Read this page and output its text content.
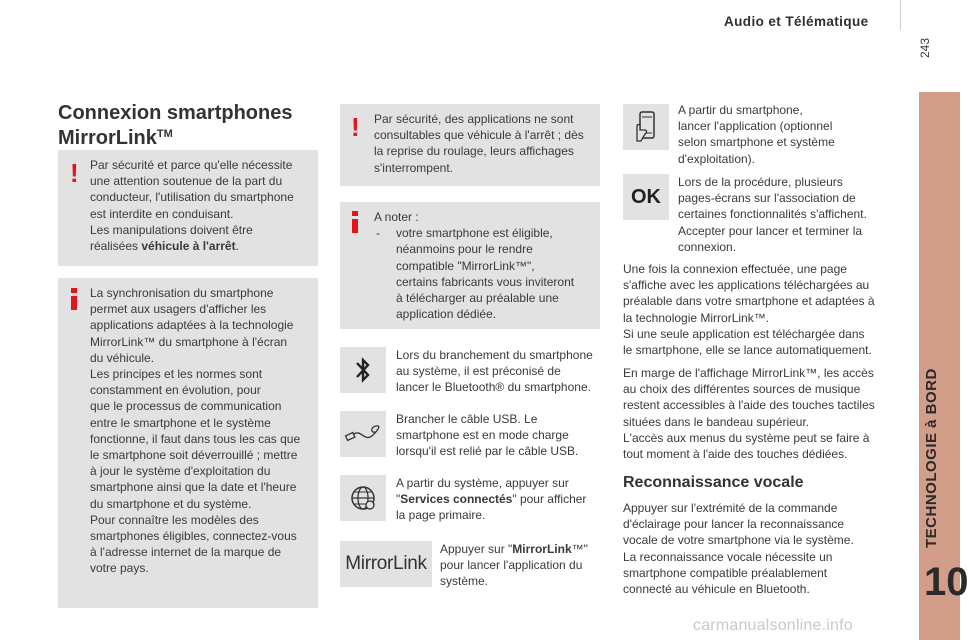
Audio et Télématique
243
TECHNOLOGIE à BORD
10
Connexion smartphones
MirrorLink™
! Par sécurité et parce qu'elle nécessite
une attention soutenue de la part du
conducteur, l'utilisation du smartphone
est interdite en conduisant.
Les manipulations doivent être
réalisées véhicule à l'arrêt.
La synchronisation du smartphone
permet aux usagers d'afficher les
applications adaptées à la technologie
MirrorLink™ du smartphone à l'écran
du véhicule.
Les principes et les normes sont
constamment en évolution, pour
que le processus de communication
entre le smartphone et le système
fonctionne, il faut dans tous les cas que
le smartphone soit déverrouillé ; mettre
à jour le système d'exploitation du
smartphone ainsi que la date et l'heure
du smartphone et du système.
Pour connaître les modèles des
smartphones éligibles, connectez-vous
à l'adresse internet de la marque de
votre pays.
! Par sécurité, des applications ne sont
consultables que véhicule à l'arrêt ; dès
la reprise du roulage, leurs affichages
s'interrompent.
A noter :
- votre smartphone est éligible,
néanmoins pour le rendre
compatible "MirrorLink™",
certains fabricants vous inviteront
à télécharger au préalable une
application dédiée.
Lors du branchement du smartphone
au système, il est préconisé de
lancer le Bluetooth® du smartphone.
Brancher le câble USB. Le
smartphone est en mode charge
lorsqu'il est relié par le câble USB.
A partir du système, appuyer sur
"Services connectés" pour afficher
la page primaire.
MirrorLink
Appuyer sur "MirrorLink™"
pour lancer l'application du
système.
A partir du smartphone,
lancer l'application (optionnel
selon smartphone et système
d'exploitation).
OK
Lors de la procédure, plusieurs
pages-écrans sur l'association de
certaines fonctionnalités s'affichent.
Accepter pour lancer et terminer la
connexion.
Une fois la connexion effectuée, une page
s'affiche avec les applications téléchargées au
préalable dans votre smartphone et adaptées à
la technologie MirrorLink™.
Si une seule application est téléchargée dans
le smartphone, elle se lance automatiquement.
En marge de l'affichage MirrorLink™, les accès
au choix des différentes sources de musique
restent accessibles à l'aide des touches tactiles
situées dans le bandeau supérieur.
L'accès aux menus du système peut se faire à
tout moment à l'aide des touches dédiées.
Reconnaissance vocale
Appuyer sur l'extrémité de la commande
d'éclairage pour lancer la reconnaissance
vocale de votre smartphone via le système.
La reconnaissance vocale nécessite un
smartphone compatible préalablement
connecté au véhicule en Bluetooth.
carmanualsonline.info
